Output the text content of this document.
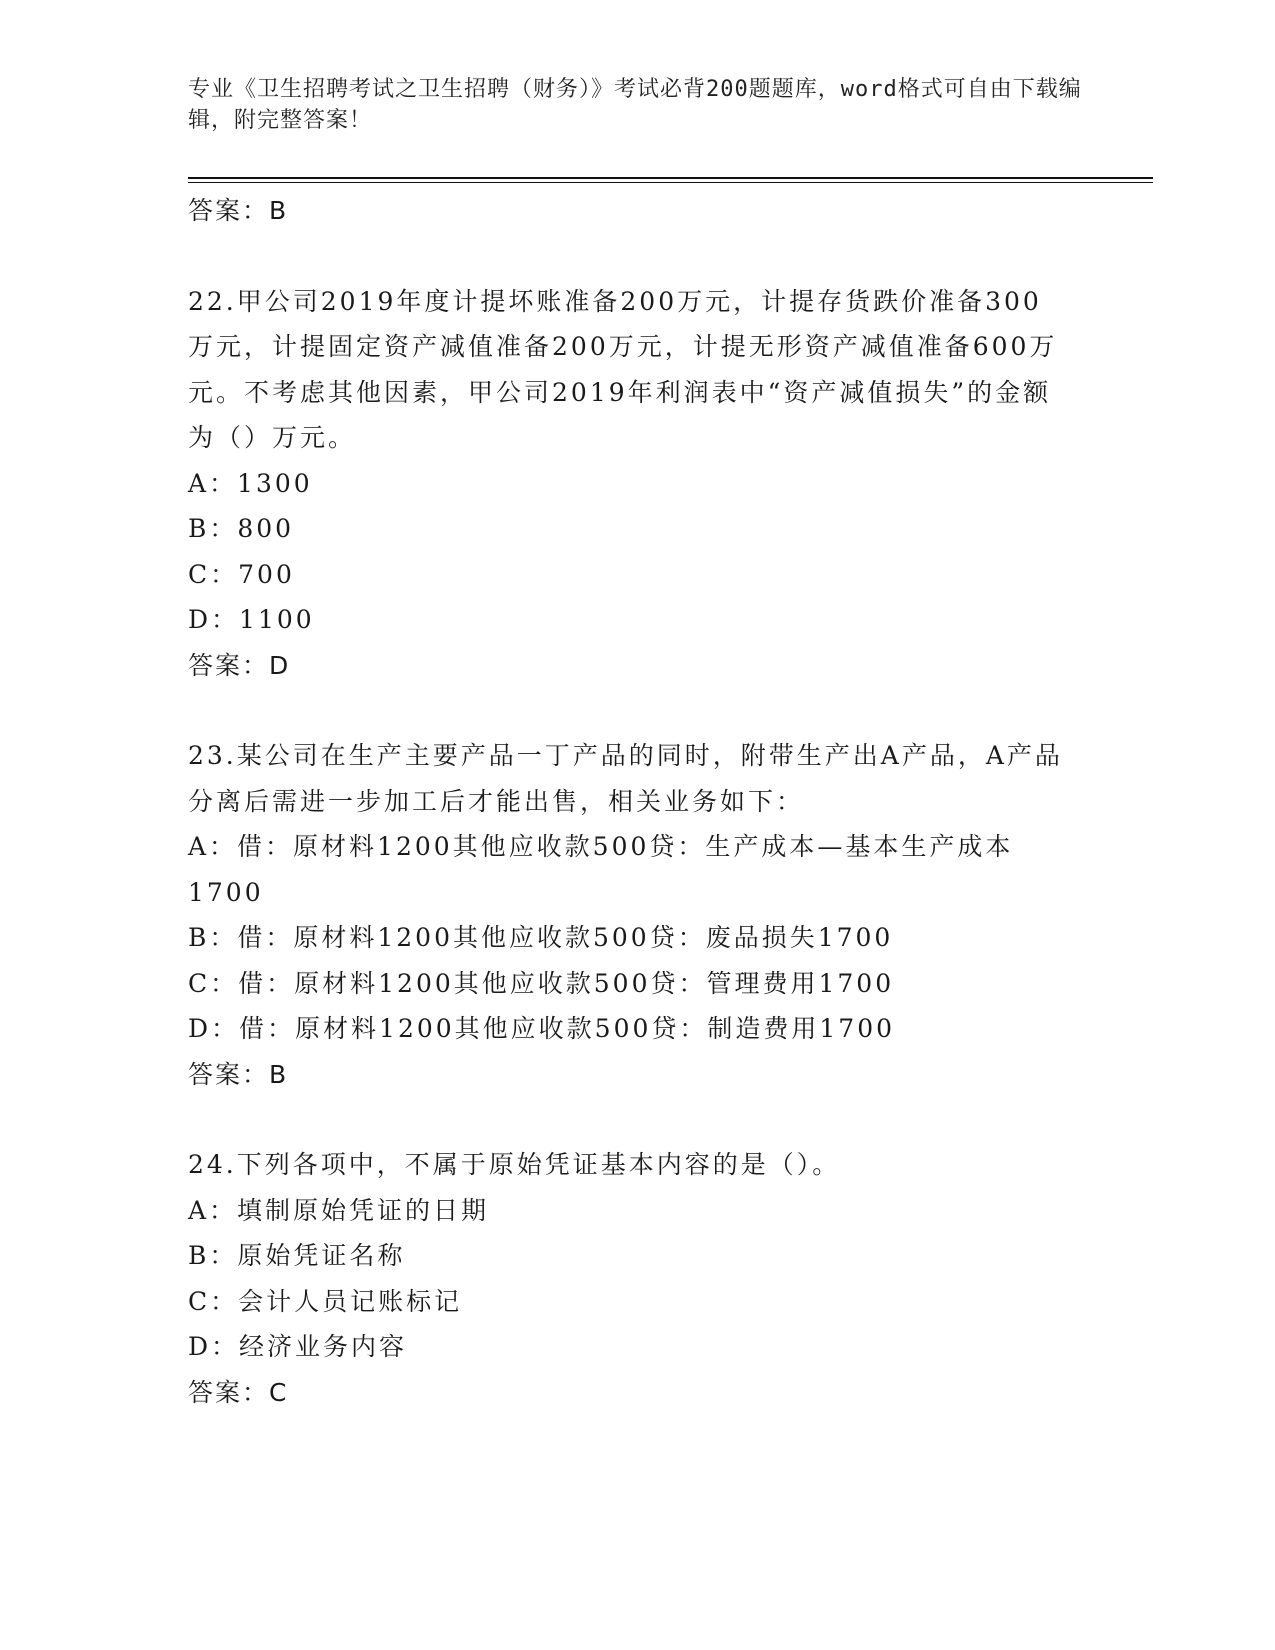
专业《卫生招聘考试之卫生招聘（财务）》考试必背200题题库，word格式可自由下载编辑，附完整答案！

答案：B

22.甲公司2019年度计提坏账准备200万元，计提存货跌价准备300万元，计提固定资产减值准备200万元，计提无形资产减值准备600万元。不考虑其他因素，甲公司2019年利润表中“资产减值损失”的金额为（）万元。

A：1300

B：800

C：700

D：1100

答案：D

23.某公司在生产主要产品一丁产品的同时，附带生产出A产品，A产品分离后需进一步加工后才能出售，相关业务如下：

A：借：原材料1200其他应收款500贷：生产成本—基本生产成本1700

B：借：原材料1200其他应收款500贷：废品损失1700

C：借：原材料1200其他应收款500贷：管理费用1700

D：借：原材料1200其他应收款500贷：制造费用1700

答案：B

24.下列各项中，不属于原始凭证基本内容的是（）。

A：填制原始凭证的日期

B：原始凭证名称

C：会计人员记账标记

D：经济业务内容

答案：C
